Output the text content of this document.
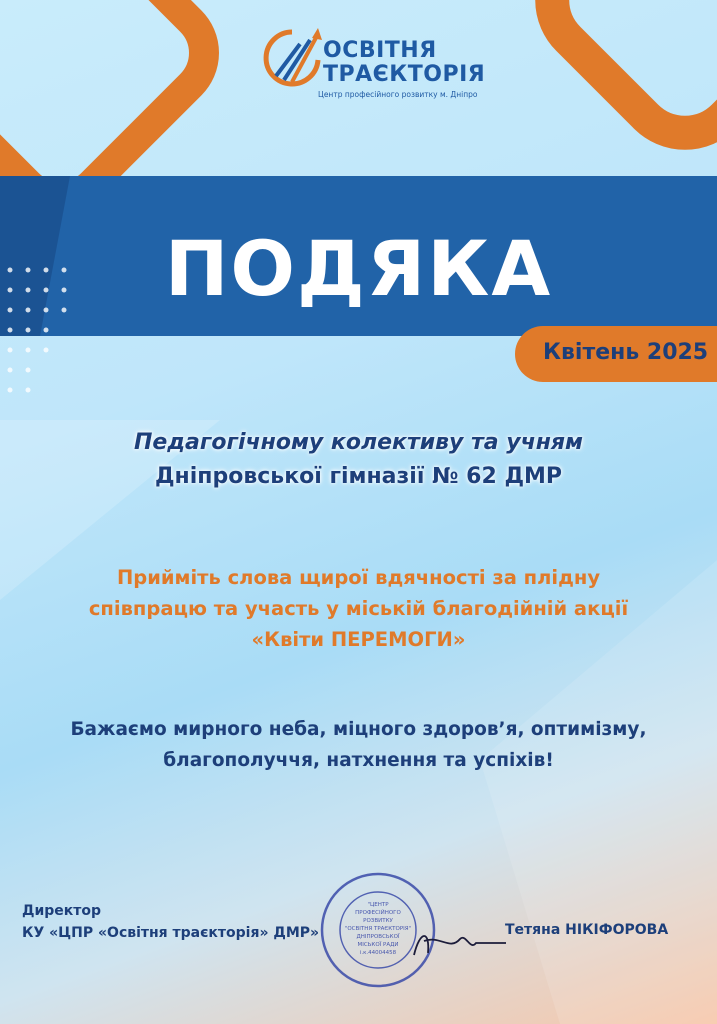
ОСВІТНЯ
ТРАЄКТОРІЯ
Центр професійного розвитку м. Дніпро
ПОДЯКА
Квітень 2025
Педагогічному колективу та учням
Дніпровської гімназії № 62 ДМР
Прийміть слова щирої вдячності за плідну
співпрацю та участь у міській благодійній акції
«Квіти ПЕРЕМОГИ»
Бажаємо мирного неба, міцного здоров’я, оптимізму,
благополуччя, натхнення та успіхів!
Директор
КУ «ЦПР «Освітня траєкторія» ДМР»
"ЦЕНТР
ПРОФЕСІЙНОГО
РОЗВИТКУ
"ОСВІТНЯ ТРАЄКТОРІЯ"
ДНІПРОВСЬКОЇ
МІСЬКОЇ РАДИ
і.к.44004458
Тетяна НІКІФОРОВА
